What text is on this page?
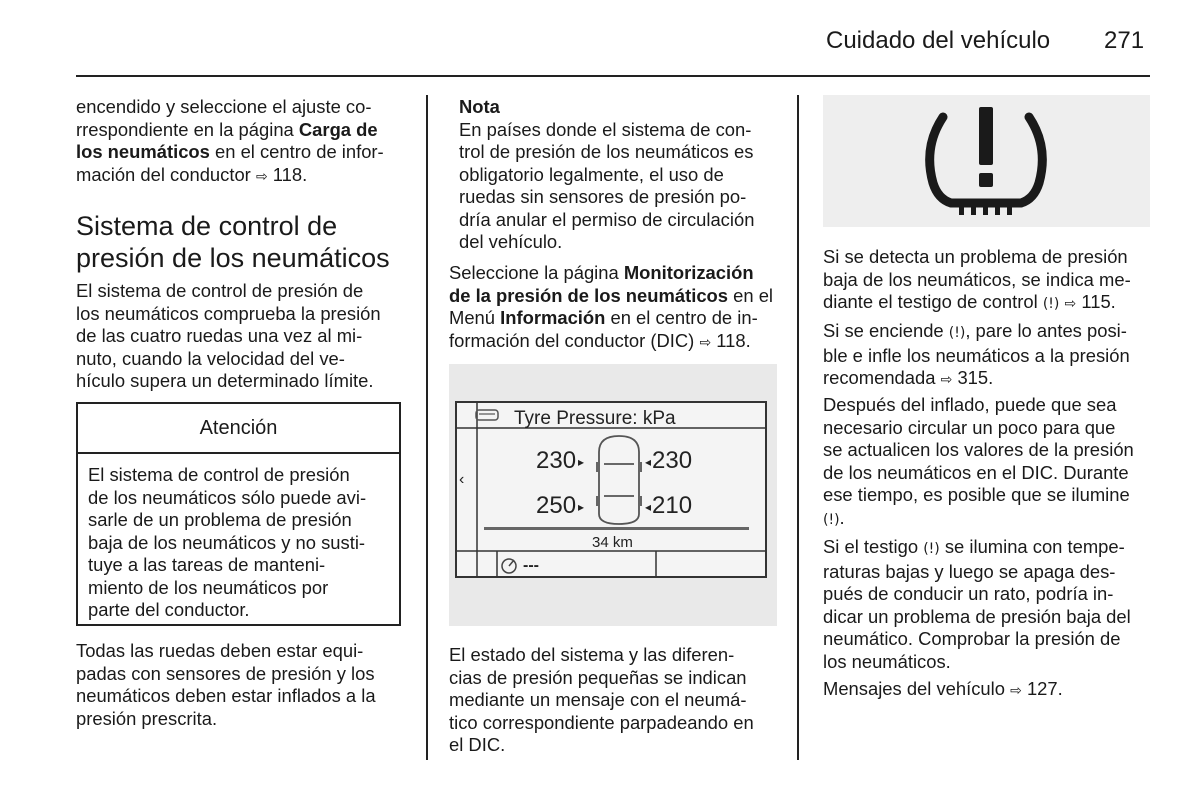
Cuidado del vehículo 271

encendido y seleccione el ajuste co-

rrespondiente en la página Carga de

los neumáticos en el centro de infor-

mación del conductor ⇨ 118.

Sistema de control de
presión de los neumáticos

El sistema de control de presión de

los neumáticos comprueba la presión

de las cuatro ruedas una vez al mi-

nuto, cuando la velocidad del ve-

hículo supera un determinado límite.

Atención
El sistema de control de presión
de los neumáticos sólo puede avi-
sarle de un problema de presión
baja de los neumáticos y no susti-
tuye a las tareas de manteni-
miento de los neumáticos por
parte del conductor.

Todas las ruedas deben estar equi-

padas con sensores de presión y los

neumáticos deben estar inflados a la

presión prescrita.

Nota

En países donde el sistema de con-

trol de presión de los neumáticos es

obligatorio legalmente, el uso de

ruedas sin sensores de presión po-

dría anular el permiso de circulación

del vehículo.

Seleccione la página Monitorización

de la presión de los neumáticos en el

Menú Información en el centro de in-

formación del conductor (DIC) ⇨ 118.

Tyre Pressure: kPa
‹
230 ▸	◂ 230
250 ▸	◂ 210
34 km
---

El estado del sistema y las diferen-

cias de presión pequeñas se indican

mediante un mensaje con el neumá-

tico correspondiente parpadeando en

el DIC.

Si se detecta un problema de presión

baja de los neumáticos, se indica me-

diante el testigo de control (!) ⇨ 115.

Si se enciende (!), pare lo antes posi-

ble e infle los neumáticos a la presión

recomendada ⇨ 315.

Después del inflado, puede que sea

necesario circular un poco para que

se actualicen los valores de la presión

de los neumáticos en el DIC. Durante

ese tiempo, es posible que se ilumine

(!).

Si el testigo (!) se ilumina con tempe-

raturas bajas y luego se apaga des-

pués de conducir un rato, podría in-

dicar un problema de presión baja del

neumático. Comprobar la presión de

los neumáticos.

Mensajes del vehículo ⇨ 127.
